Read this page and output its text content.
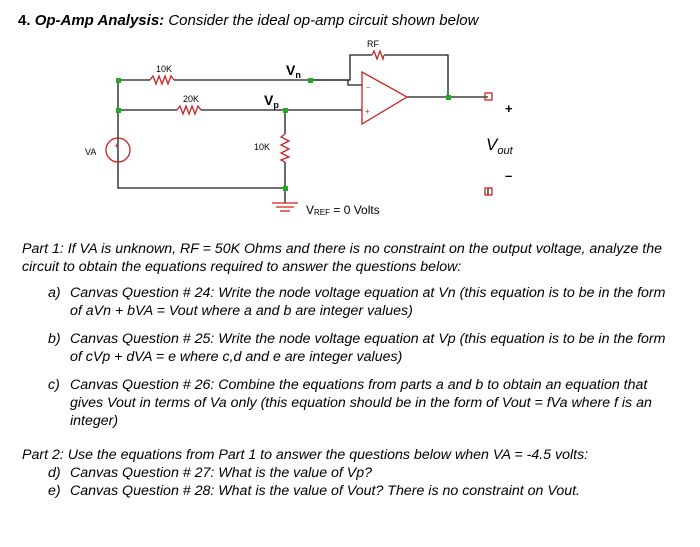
4. Op-Amp Analysis: Consider the ideal op-amp circuit shown below
RF
10K
20K
10K
VA
$V_n$
$V_p$
–
+
+
+
–
$V_{out}$
VREF = 0 Volts
Part 1: If VA is unknown, RF = 50K Ohms and there is no constraint on the output voltage, analyze the circuit to obtain the equations required to answer the questions below:
a) Canvas Question # 24: Write the node voltage equation at Vn (this equation is to be in the form of aVn + bVA = Vout where a and b are integer values)
b) Canvas Question # 25: Write the node voltage equation at Vp (this equation is to be in the form of cVp + dVA = e where c,d and e are integer values)
c) Canvas Question # 26: Combine the equations from parts a and b to obtain an equation that gives Vout in terms of Va only (this equation should be in the form of Vout = fVa where f is an integer)
Part 2: Use the equations from Part 1 to answer the questions below when VA = -4.5 volts:
d) Canvas Question # 27: What is the value of Vp?
e) Canvas Question # 28: What is the value of Vout? There is no constraint on Vout.
